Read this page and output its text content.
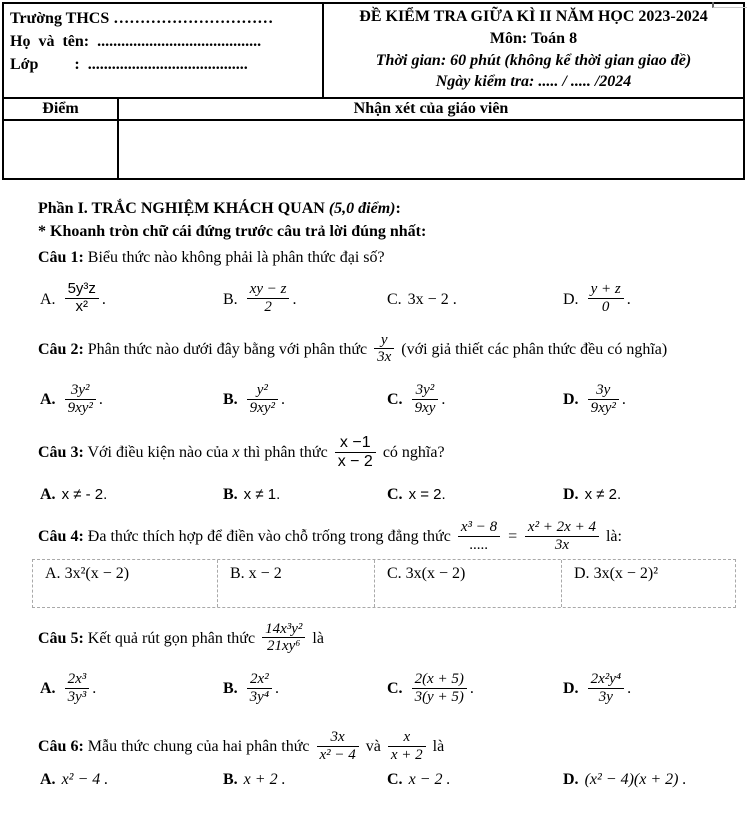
Trường THCS …………………………
Họ  và  tên:  .........................................
Lớp         :  ........................................
ĐỀ KIỂM TRA GIỮA KÌ II NĂM HỌC 2023-2024
Môn: Toán 8
Thời gian: 60 phút (không kể thời gian giao đề)
Ngày kiểm tra: ..... / ..... /2024
Điểm	Nhận xét của giáo viên
Phần I. TRẮC NGHIỆM KHÁCH QUAN (5,0 điểm):
* Khoanh tròn chữ cái đứng trước câu trả lời đúng nhất:
Câu 1: Biểu thức nào không phải là phân thức đại số?
A. $\frac{\text{5y³z}}{\text{x²}}$ .	B. $\frac{xy - z}{2}$ .	C. 3x − 2 .	D. $\frac{y + z}{0}$ .
Câu 2: Phân thức nào dưới đây bằng với phân thức $\frac{y}{3x}$ (với giả thiết các phân thức đều có nghĩa)
A. $\frac{\text{3y²}}{\text{9xy²}}$ .	B. $\frac{\text{y²}}{\text{9xy²}}$ .	C. $\frac{\text{3y²}}{9xy}$ .	D. $\frac{3y}{\text{9xy²}}$ .
Câu 3: Với điều kiện nào của x thì phân thức $\frac{x -1}{x - 2}$ có nghĩa?
A. x ≠ - 2.	B. x ≠ 1.	C. x = 2.	D. x ≠ 2.
Câu 4: Đa thức thích hợp để điền vào chỗ trống trong đẳng thức $\frac{\text{x³ − 8}}{.....} = \frac{\text{x² + 2x + 4}}{3x}$ là:
A. 3x²(x − 2)	B. x − 2	C. 3x(x − 2)	D. 3x(x − 2)²
Câu 5: Kết quả rút gọn phân thức $\frac{\text{14x³y²}}{\text{21xy⁶}}$ là
A. $\frac{\text{2x³}}{\text{3y³}}$ .	B. $\frac{\text{2x²}}{\text{3y⁴}}$ .	C. $\frac{2(x + 5)}{3(y + 5)}$ .	D. $\frac{\text{2x²y⁴}}{3y}$ .
Câu 6: Mẫu thức chung của hai phân thức $\frac{3x}{\text{x² − 4}}$ và $\frac{x}{x + 2}$ là
A. x² − 4 .	B. x + 2 .	C. x − 2 .	D. (x² − 4)(x + 2) .
